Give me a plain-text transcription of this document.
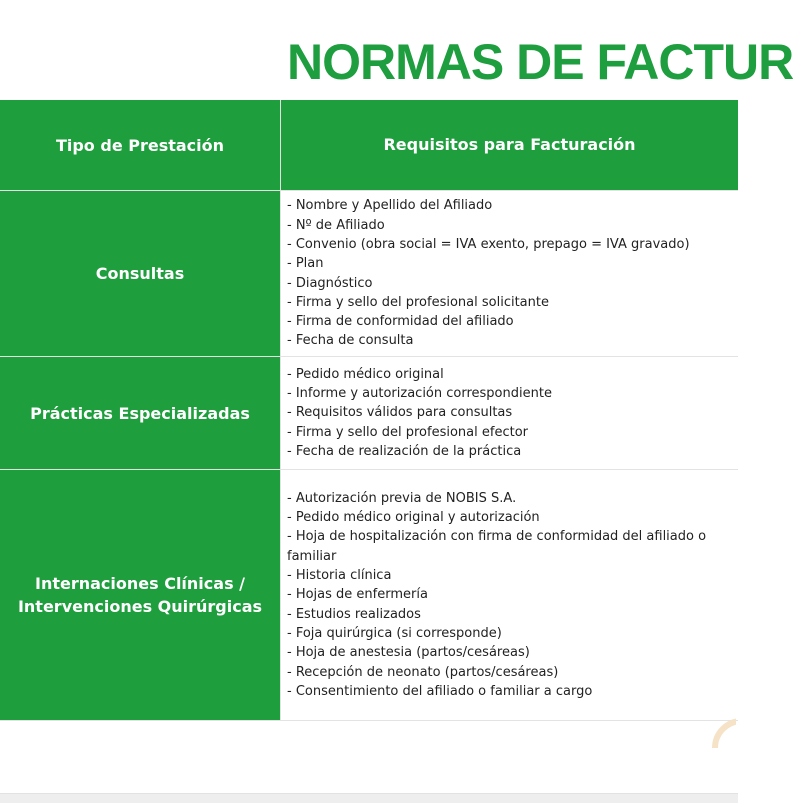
NORMAS DE FACTUR
Tipo de Prestación	Requisitos para Facturación
Consultas
- Nombre y Apellido del Afiliado
- Nº de Afiliado
- Convenio (obra social = IVA exento, prepago = IVA gravado)
- Plan
- Diagnóstico
- Firma y sello del profesional solicitante
- Firma de conformidad del afiliado
- Fecha de consulta
Prácticas Especializadas
- Pedido médico original
- Informe y autorización correspondiente
- Requisitos válidos para consultas
- Firma y sello del profesional efector
- Fecha de realización de la práctica
Internaciones Clínicas / Intervenciones Quirúrgicas
- Autorización previa de NOBIS S.A.
- Pedido médico original y autorización
- Hoja de hospitalización con firma de conformidad del afiliado o familiar
- Historia clínica
- Hojas de enfermería
- Estudios realizados
- Foja quirúrgica (si corresponde)
- Hoja de anestesia (partos/cesáreas)
- Recepción de neonato (partos/cesáreas)
- Consentimiento del afiliado o familiar a cargo
